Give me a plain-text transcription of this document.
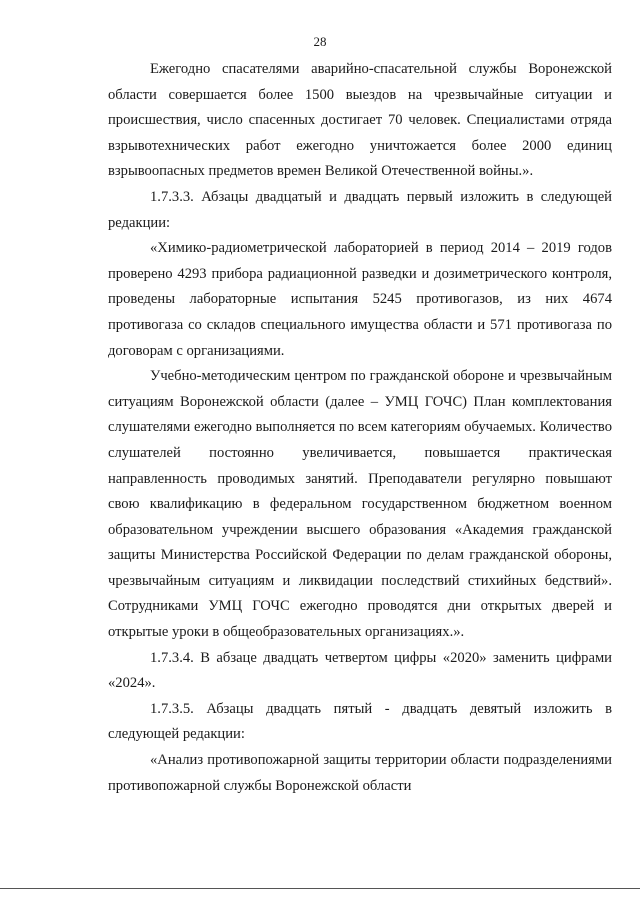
28

Ежегодно спасателями аварийно-спасательной службы Воронежской области совершается более 1500 выездов на чрезвычайные ситуации и происшествия, число спасенных достигает 70 человек. Специалистами отряда взрывотехнических работ ежегодно уничтожается более 2000 единиц взрывоопасных предметов времен Великой Отечественной войны.».

1.7.3.3. Абзацы двадцатый и двадцать первый изложить в следующей редакции:

«Химико-радиометрической лабораторией в период 2014 – 2019 годов проверено 4293 прибора радиационной разведки и дозиметрического контроля, проведены лабораторные испытания 5245 противогазов, из них 4674 противогаза со складов специального имущества области и 571 противогаза по договорам с организациями.

Учебно-методическим центром по гражданской обороне и чрезвычайным ситуациям Воронежской области (далее – УМЦ ГОЧС) План комплектования слушателями ежегодно выполняется по всем категориям обучаемых. Количество слушателей постоянно увеличивается, повышается практическая направленность проводимых занятий. Преподаватели регулярно повышают свою квалификацию в федеральном государственном бюджетном военном образовательном учреждении высшего образования «Академия гражданской защиты Министерства Российской Федерации по делам гражданской обороны, чрезвычайным ситуациям и ликвидации последствий стихийных бедствий». Сотрудниками УМЦ ГОЧС ежегодно проводятся дни открытых дверей и открытые уроки в общеобразовательных организациях.».

1.7.3.4. В абзаце двадцать четвертом цифры «2020» заменить цифрами «2024».

1.7.3.5. Абзацы двадцать пятый - двадцать девятый изложить в следующей редакции:

«Анализ противопожарной защиты территории области подразделениями противопожарной службы Воронежской области
